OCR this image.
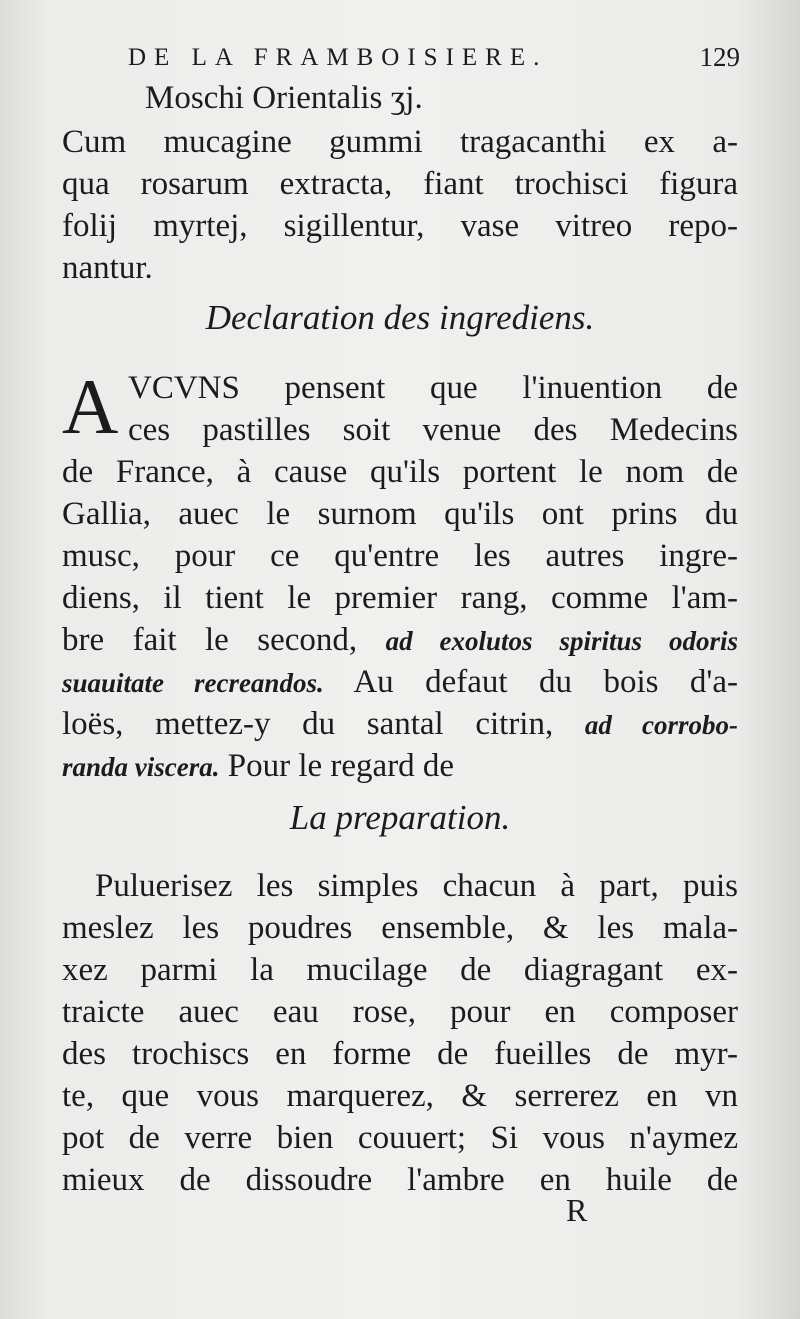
DE LA FRAMBOISIERE.	129
Moschi Orientalis ʒj.
Cum mucagine gummi tragacanthi ex a-
qua rosarum extracta, fiant trochisci figura
folij myrtej, sigillentur, vase vitreo repo-
nantur.
Declaration des ingrediens.
A VCVNS pensent que l'inuention de
ces pastilles soit venue des Medecins
de France, à cause qu'ils portent le nom de
Gallia, auec le surnom qu'ils ont prins du
musc, pour ce qu'entre les autres ingre-
diens, il tient le premier rang, comme l'am-
bre fait le second, ad exolutos spiritus odoris
suauitate recreandos. Au defaut du bois d'a-
loës, mettez-y du santal citrin, ad corrobo-
randa viscera. Pour le regard de
La preparation.
Puluerisez les simples chacun à part, puis
meslez les poudres ensemble, & les mala-
xez parmi la mucilage de diagragant ex-
traicte auec eau rose, pour en composer
des trochiscs en forme de fueilles de myr-
te, que vous marquerez, & serrerez en vn
pot de verre bien couuert; Si vous n'aymez
mieux de dissoudre l'ambre en huile de
R
